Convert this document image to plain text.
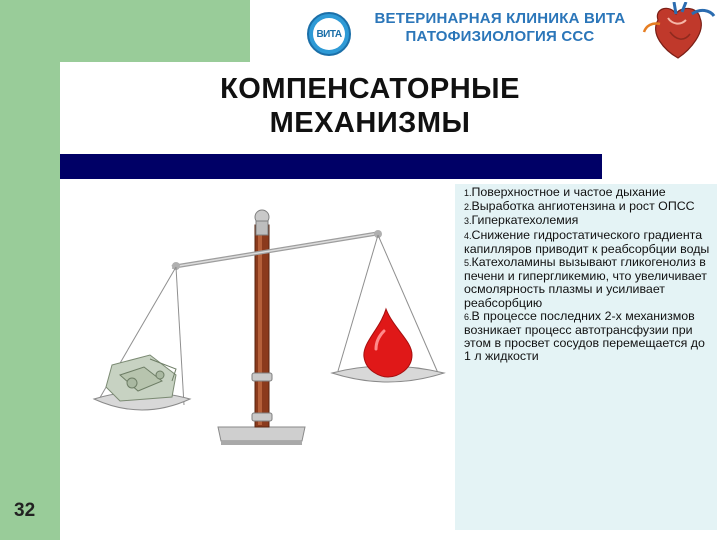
ВИТА
ВЕТЕРИНАРНАЯ КЛИНИКА ВИТА
ПАТОФИЗИОЛОГИЯ ССС
КОМПЕНСАТОРНЫЕ
МЕХАНИЗМЫ
1.Поверхностное и частое дыхание
2.Выработка ангиотензина и рост ОПСС
3.Гиперкатехолемия
4.Снижение гидростатического градиента капилляров приводит к реабсорбции воды
5.Катехоламины вызывают гликогенолиз в печени и гипергликемию, что увеличивает осмолярность плазмы и усиливает реабсорбцию
6.В процессе последних 2-х механизмов возникает процесс автотрансфузии при этом в просвет сосудов перемещается до 1 л жидкости
32
